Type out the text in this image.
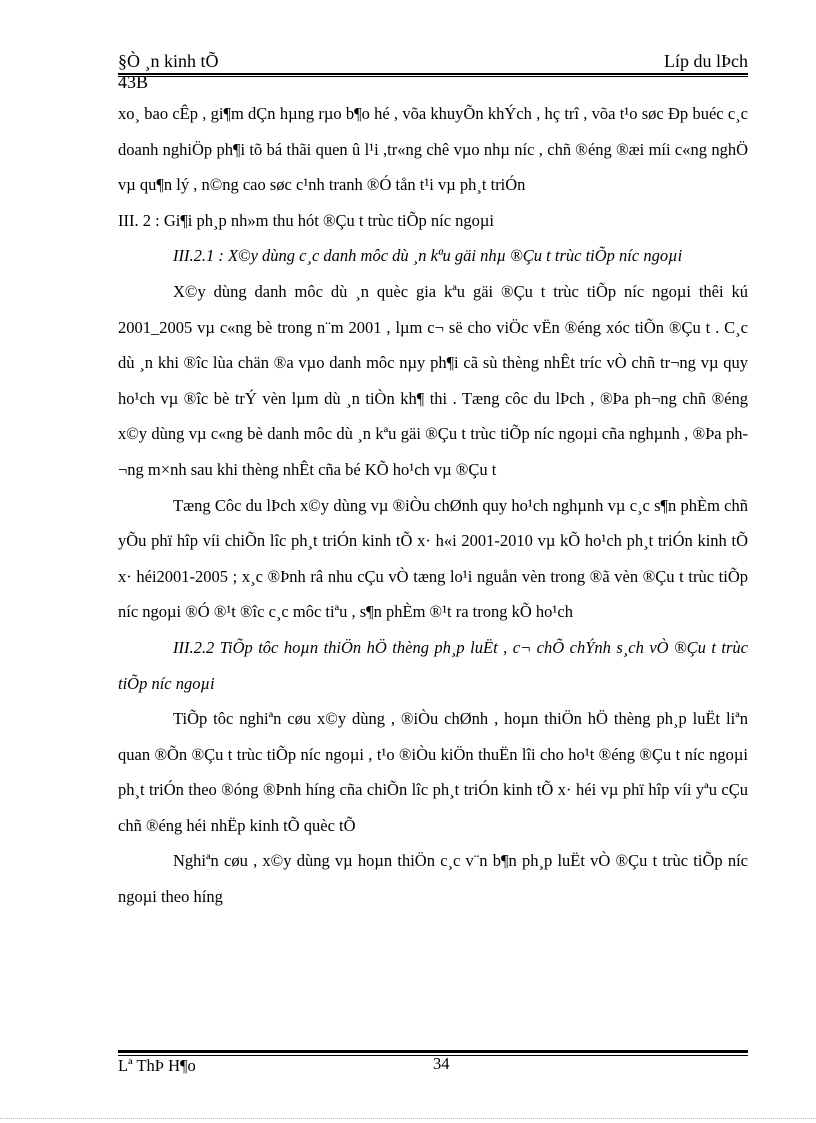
§Ò ¸n kinh tÕ	Líp du lÞch
43B

xo¸ bao cÊp , gi¶m dÇn hµng rµo b¶o hé , võa khuyÕn khÝch , hç trî , võa t¹o søc Ðp buéc c¸c doanh nghiÖp ph¶i tõ bá thãi quen û l¹i ,tr«ng chê vµo nhµ níc , chñ ®éng ®æi míi c«ng nghÖ vµ qu¶n lý , n©ng cao søc c¹nh tranh ®Ó tån t¹i vµ ph¸t triÓn

III. 2 : Gi¶i ph¸p nh»m thu hót ®Çu t trùc tiÕp níc ngoµi

III.2.1 : X©y dùng c¸c danh môc dù ¸n kªu gäi nhµ ®Çu t trùc tiÕp níc ngoµi

X©y dùng danh môc dù ¸n quèc gia kªu gäi ®Çu t trùc tiÕp níc ngoµi thêi kú 2001_2005 vµ c«ng bè trong n¨m 2001 , lµm c¬ së cho viÖc vËn ®éng xóc tiÕn ®Çu t . C¸c dù ¸n khi ®îc lùa chän ®a vµo danh môc nµy ph¶i cã sù thèng nhÊt tríc vÒ chñ tr¬ng vµ quy ho¹ch vµ ®îc bè trÝ vèn lµm dù ¸n tiÒn kh¶ thi . Tæng côc du lÞch , ®Þa ph¬ng chñ ®éng x©y dùng vµ c«ng bè danh môc dù ¸n kªu gäi ®Çu t trùc tiÕp níc ngoµi cña nghµnh , ®Þa ph¬ng m×nh sau khi thèng nhÊt cña bé KÕ ho¹ch vµ ®Çu t

Tæng Côc du lÞch x©y dùng vµ ®iÒu chØnh quy ho¹ch nghµnh vµ c¸c s¶n phÈm chñ yÕu phï hîp víi chiÕn lîc ph¸t triÓn kinh tÕ x· h«i 2001-2010 vµ kÕ ho¹ch ph¸t triÓn kinh tÕ x· héi2001-2005 ; x¸c ®Þnh râ nhu cÇu vÒ tæng lo¹i nguån vèn trong ®ã vèn ®Çu t trùc tiÕp níc ngoµi ®Ó ®¹t ®îc c¸c môc tiªu , s¶n phÈm ®¹t ra trong kÕ ho¹ch

III.2.2 TiÕp tôc hoµn thiÖn hÖ thèng ph¸p luËt , c¬ chÕ chÝnh s¸ch vÒ ®Çu t trùc tiÕp níc ngoµi

TiÕp tôc nghiªn cøu x©y dùng , ®iÒu chØnh , hoµn thiÖn hÖ thèng ph¸p luËt liªn quan ®Õn ®Çu t trùc tiÕp níc ngoµi , t¹o ®iÒu kiÖn thuËn lîi cho ho¹t ®éng ®Çu t níc ngoµi ph¸t triÓn theo ®óng ®Þnh híng cña chiÕn lîc ph¸t triÓn kinh tÕ x· héi vµ phï hîp víi yªu cÇu chñ ®éng héi nhËp kinh tÕ quèc tÕ

Nghiªn cøu , x©y dùng vµ hoµn thiÖn c¸c v¨n b¶n ph¸p luËt vÒ ®Çu t trùc tiÕp níc ngoµi theo híng

Lª ThÞ H¶o	34
